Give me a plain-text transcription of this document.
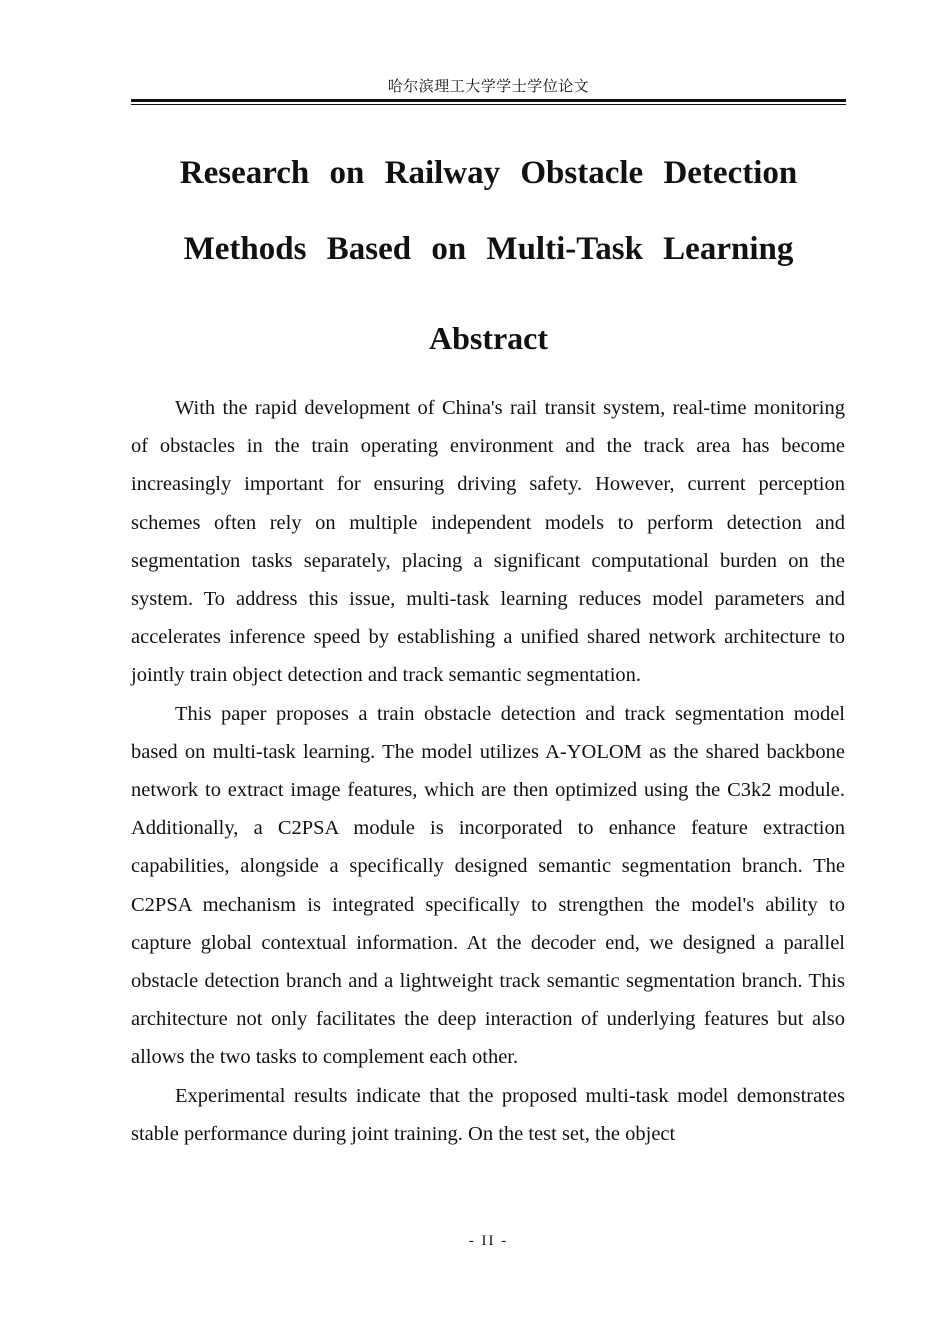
哈尔滨理工大学学士学位论文
Research on Railway Obstacle Detection
Methods Based on Multi-Task Learning
Abstract

With the rapid development of China's rail transit system, real-time monitoring of obstacles in the train operating environment and the track area has become increasingly important for ensuring driving safety. However, current perception schemes often rely on multiple independent models to perform detection and segmentation tasks separately, placing a significant computational burden on the system. To address this issue, multi-task learning reduces model parameters and accelerates inference speed by establishing a unified shared network architecture to jointly train object detection and track semantic segmentation.

This paper proposes a train obstacle detection and track segmentation model based on multi-task learning. The model utilizes A-YOLOM as the shared backbone network to extract image features, which are then optimized using the C3k2 module. Additionally, a C2PSA module is incorporated to enhance feature extraction capabilities, alongside a specifically designed semantic segmentation branch. The C2PSA mechanism is integrated specifically to strengthen the model's ability to capture global contextual information. At the decoder end, we designed a parallel obstacle detection branch and a lightweight track semantic segmentation branch. This architecture not only facilitates the deep interaction of underlying features but also allows the two tasks to complement each other.

Experimental results indicate that the proposed multi-task model demonstrates stable performance during joint training. On the test set, the object

- II -
